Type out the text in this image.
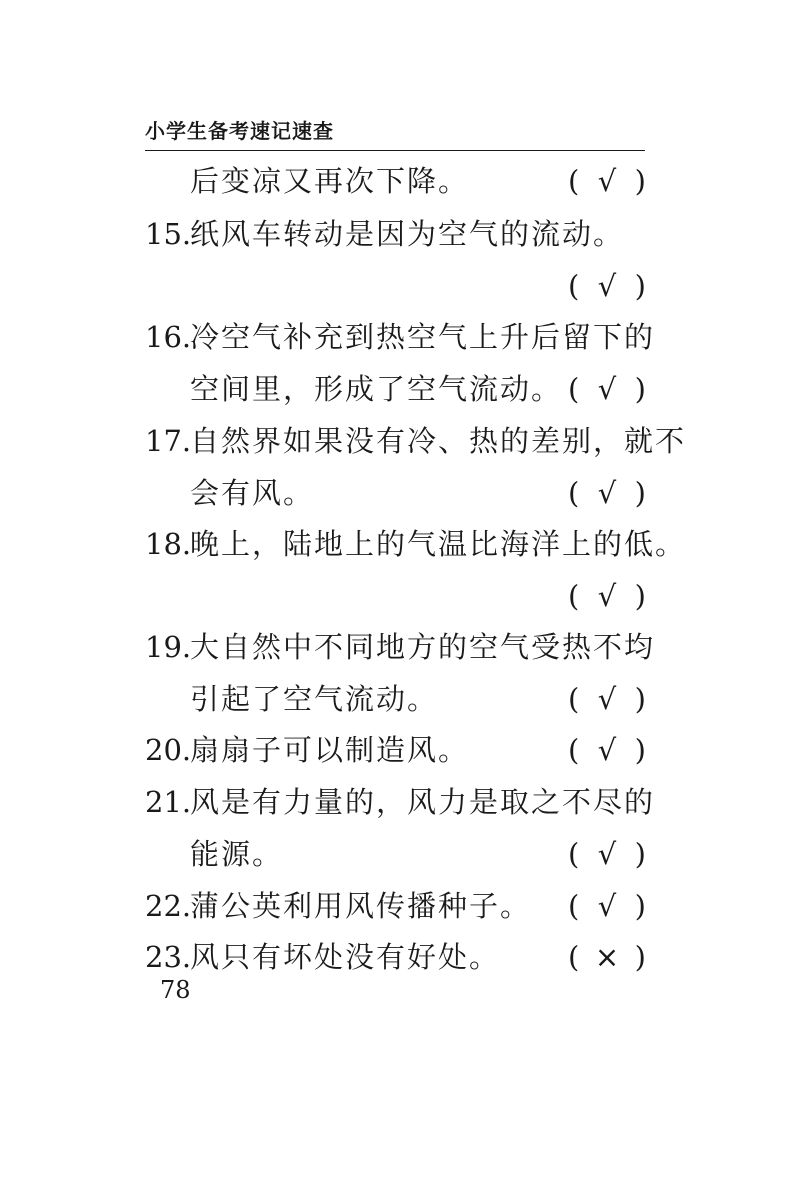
小学生备考速记速查
后变凉又再次下降。	( √ )
15.
纸风车转动是因为空气的流动。
( √ )
16.
冷空气补充到热空气上升后留下的
空间里，形成了空气流动。 ( √ )
17.
自然界如果没有冷、热的差别，就不
会有风。	( √ )
18.
晚上，陆地上的气温比海洋上的低。
( √ )
19.
大自然中不同地方的空气受热不均
引起了空气流动。	( √ )
20.
扇扇子可以制造风。	( √ )
21.
风是有力量的，风力是取之不尽的
能源。	( √ )
22.
蒲公英利用风传播种子。 ( √ )
23.
风只有坏处没有好处。 ( × )
78
